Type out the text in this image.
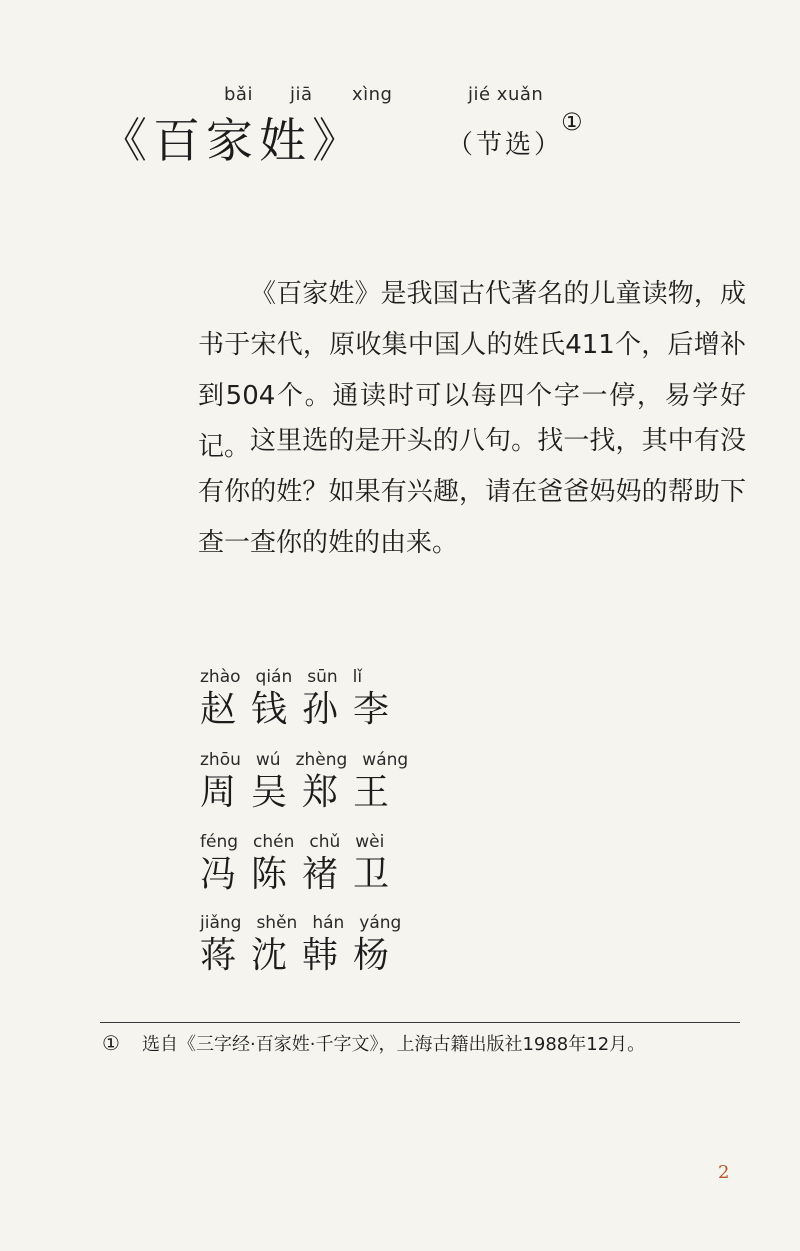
bǎi jiā xìng	jié xuǎn
《百家姓》	（节选）
①

《百家姓》是我国古代著名的儿童读物，成书于宋代，原收集中国人的姓氏411个，后增补到504个。通读时可以每四个字一停，易学好记。 这里选的是开头的八句。找一找，其中有没有你的姓？如果有兴趣，请在爸爸妈妈的帮助下查一查你的姓的由来。

zhào qián sūn lǐ
赵钱孙李
zhōu wú zhèng wáng
周吴郑王
féng chén chǔ wèi
冯陈褚卫
jiǎng shěn hán yáng
蒋沈韩杨
① 选自《三字经·百家姓·千字文》，上海古籍出版社1988年12月。
2
